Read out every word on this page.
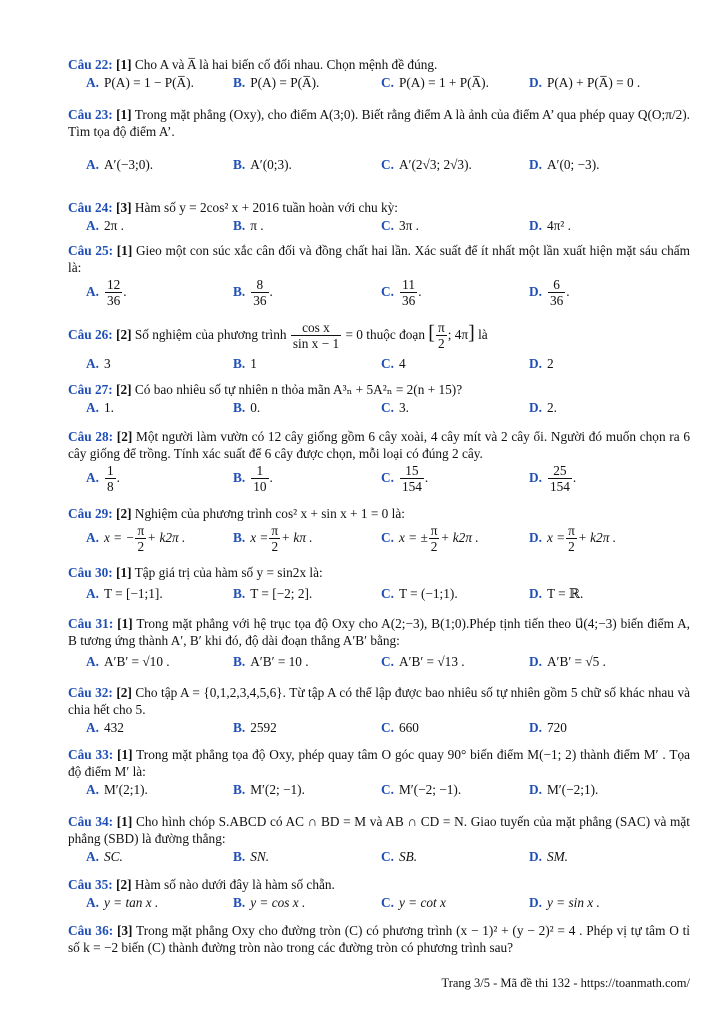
Câu 22: [1] Cho A và A̅ là hai biến cố đối nhau. Chọn mệnh đề đúng.
A. P(A) = 1 − P(A̅).	B. P(A) = P(A̅).	C. P(A) = 1 + P(A̅).	D. P(A) + P(A̅) = 0 .
Câu 23: [1] Trong mặt phẳng (Oxy), cho điểm A(3;0). Biết rằng điểm A là ảnh của điểm A’ qua phép quay Q(O;π/2). Tìm tọa độ điểm A’.
A. A′(−3;0).	B. A′(0;3).	C. A′(2√3; 2√3).	D. A′(0; −3).
Câu 24: [3] Hàm số y = 2cos² x + 2016 tuần hoàn với chu kỳ:
A. 2π .	B. π .	C. 3π .	D. 4π² .
Câu 25: [1] Gieo một con súc xắc cân đối và đồng chất hai lần. Xác suất để ít nhất một lần xuất hiện mặt sáu chấm là:
A. $\frac{12}{36}$ .	B. $\frac{8}{36}$ .	C. $\frac{11}{36}$ .	D. $\frac{6}{36}$ .
Câu 26: [2] Số nghiệm của phương trình $\frac{\text{cos x}}{\text{sin x − 1}} = 0$ thuộc đoạn [ $\frac{\pi}{2}$ ; 4π] là
A. 3	B. 1	C. 4	D. 2
Câu 27: [2] Có bao nhiêu số tự nhiên n thỏa mãn A³ₙ + 5A²ₙ = 2(n + 15)?
A. 1.	B. 0.	C. 3.	D. 2.
Câu 28: [2] Một người làm vườn có 12 cây giống gồm 6 cây xoài, 4 cây mít và 2 cây ổi. Người đó muốn chọn ra 6 cây giống để trồng. Tính xác suất để 6 cây được chọn, mỗi loại có đúng 2 cây.
A. $\frac{1}{8}$ .	B. $\frac{1}{10}$ .	C. $\frac{15}{154}$ .	D. $\frac{25}{154}$ .
Câu 29: [2] Nghiệm của phương trình cos² x + sin x + 1 = 0 là:
A. x = − $\frac{\pi}{2} + k2\pi$ .	B. $x = \frac{\pi}{2} + k\pi$ .	C. x = ± $\frac{\pi}{2} + k2\pi$ .	D. $x = \frac{\pi}{2} + k2\pi$ .
Câu 30: [1] Tập giá trị của hàm số y = sin2x là:
A. T = [−1;1].	B. T = [−2; 2].	C. T = (−1;1).	D. T = ℝ.
Câu 31: [1] Trong mặt phẳng với hệ trục tọa độ Oxy cho A(2;−3), B(1;0).Phép tịnh tiến theo u⃗(4;−3) biến điểm A, B tương ứng thành A′, B′ khi đó, độ dài đoạn thẳng A′B′ bằng:
A. A′B′ = √10 .	B. A′B′ = 10 .	C. A′B′ = √13 .	D. A′B′ = √5 .
Câu 32: [2] Cho tập A = {0,1,2,3,4,5,6}. Từ tập A có thể lập được bao nhiêu số tự nhiên gồm 5 chữ số khác nhau và chia hết cho 5.
A. 432	B. 2592	C. 660	D. 720
Câu 33: [1] Trong mặt phẳng tọa độ Oxy, phép quay tâm O góc quay 90° biến điểm M(−1; 2) thành điểm M′ . Tọa độ điểm M′ là:
A. M′(2;1).	B. M′(2; −1).	C. M′(−2; −1).	D. M′(−2;1).
Câu 34: [1] Cho hình chóp S.ABCD có AC ∩ BD = M và AB ∩ CD = N. Giao tuyến của mặt phẳng (SAC) và mặt phẳng (SBD) là đường thẳng:
A. SC.	B. SN.	C. SB.	D. SM.
Câu 35: [2] Hàm số nào dưới đây là hàm số chẵn.
A. y = tan x .	B. y = cos x .	C. y = cot x	D. y = sin x .
Câu 36: [3] Trong mặt phẳng Oxy cho đường tròn (C) có phương trình (x − 1)² + (y − 2)² = 4 . Phép vị tự tâm O tỉ số k = −2 biến (C) thành đường tròn nào trong các đường tròn có phương trình sau?
Trang 3/5 - Mã đề thi 132 - https://toanmath.com/
